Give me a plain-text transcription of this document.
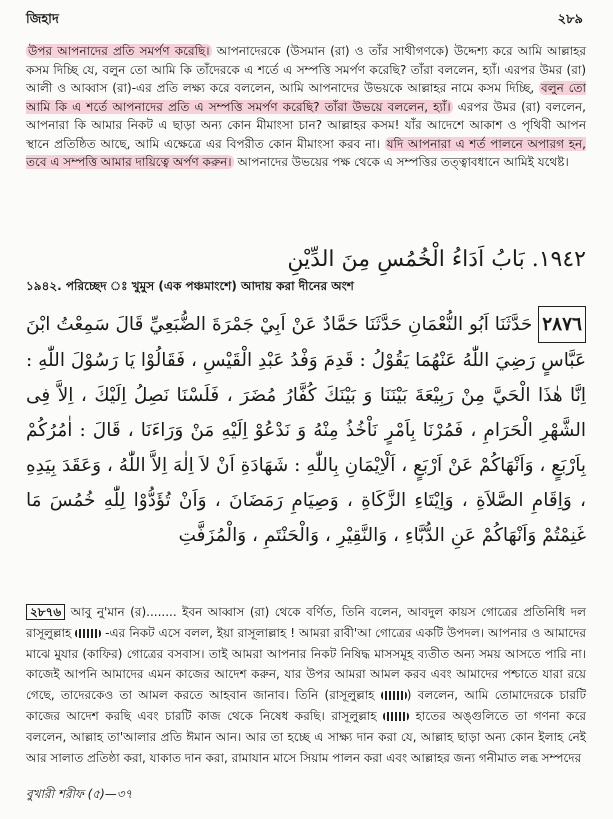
জিহাদ	২৮৯
উপর আপনাদের প্রতি সমর্পণ করেছি। আপনাদেরকে (উসমান (রা) ও তাঁর সাথীগণকে) উদ্দেশ্য করে আমি আল্লাহর কসম দিচ্ছি যে, বলুন তো আমি কি তাঁদেরকে এ শর্তে এ সম্পত্তি সমর্পণ করেছি? তাঁরা বললেন, হ্যাঁ। এরপর উমর (রা) আলী ও আব্বাস (রা)-এর প্রতি লক্ষ্য করে বললেন, আমি আপনাদের উভয়কে আল্লাহর নামে কসম দিচ্ছি, বলুন তো আমি কি এ শর্তে আপনাদের প্রতি এ সম্পত্তি সমর্পণ করেছি? তাঁরা উভয়ে বললেন, হ্যাঁ। এরপর উমর (রা) বললেন, আপনারা কি আমার নিকট এ ছাড়া অন্য কোন মীমাংসা চান? আল্লাহর কসম! যাঁর আদেশে আকাশ ও পৃথিবী আপন স্থানে প্রতিষ্ঠিত আছে, আমি এক্ষেত্রে এর বিপরীত কোন মীমাংসা করব না। যদি আপনারা এ শর্ত পালনে অপারগ হন, তবে এ সম্পত্তি আমার দায়িত্বে অর্পণ করুন। আপনাদের উভয়ের পক্ষ থেকে এ সম্পত্তির তত্ত্বাবধানে আমিই যথেষ্ট।
١٩٤٢. بَابُ اَدَاءُ الْخُمُسِ مِنَ الدِّيْنِ
১৯৪২. পরিচ্ছেদ ঃ খুমুস (এক পঞ্চমাংশে) আদায় করা দীনের অংশ
٢٨٧٦ حَدَّثَنَا اَبُو النُّعْمَانِ حَدَّثَنَا حَمَّادٌ عَنْ اَبِيْ جَمْرَةَ الضُّبَعِيِّ قَالَ سَمِعْتُ ابْنَ عَبَّاسٍ رَضِيَ اللّٰهُ عَنْهُمَا يَقُوْلُ : قَدِمَ وَفْدُ عَبْدِ الْقَيْسِ ، فَقَالُوْا يَا رَسُوْلَ اللّٰهِ : اِنَّا هٰذَا الْحَيَّ مِنْ رَبِيْعَةَ بَيْنَنَا وَ بَيْنَكَ كُفَّارُ مُضَرَ ، فَلَسْنَا نَصِلُ اِلَيْكَ ، اِلاَّ فِى الشَّهْرِ الْحَرَامِ ، فَمُرْنَا بِاَمْرٍ نَاْخُذُ مِنْهُ وَ نَدْعُوْ اِلَيْهِ مَنْ وَرَاءَنَا ، قَالَ : اٰمُرُكُمْ بِاَرْبَعٍ ، وَاَنْهَاكُمْ عَنْ اَرْبَعٍ ، اَلْاِيْمَانِ بِاللّٰهِ : شَهَادَةِ اَنْ لاَ اِلٰهَ اِلاَّ اللّٰهُ ، وَعَقَدَ بِيَدِهِ ، وَاِقَامِ الصَّلاَةِ ، وَاِيْتَاءِ الزَّكَاةِ ، وَصِيَامِ رَمَضَانَ ، وَاَنْ تُؤَدُّوْا لِلّٰهِ خُمُسَ مَا غَنِمْتُمْ وَاَنْهَاكُمْ عَنِ الدُّبَّاءِ ، وَالنَّقِيْرِ ، وَالْحَنْتَمِ ، وَالْمُزَفَّتِ
২৮৭৬ আবু নু'মান (র)........ ইবন আব্বাস (রা) থেকে বর্ণিত, তিনি বলেন, আবদুল কায়স গোত্রের প্রতিনিধি দল রাসূলুল্লাহ  -এর নিকট এসে বলল, ইয়া রাসূলাল্লাহ ! আমরা রাবী'আ গোত্রের একটি উপদল। আপনার ও আমাদের মাঝে মুযার (কাফির) গোত্রের বসবাস। তাই আমরা আপনার নিকট নিষিদ্ধ মাসসমূহ ব্যতীত অন্য সময় আসতে পারি না। কাজেই আপনি আমাদের এমন কাজের আদেশ করুন, যার উপর আমরা আমল করব এবং আমাদের পশ্চাতে যারা রয়ে গেছে, তাদেরকেও তা আমল করতে আহবান জানাব। তিনি (রাসূলুল্লাহ ) বললেন, আমি তোমাদেরকে চারটি কাজের আদেশ করছি এবং চারটি কাজ থেকে নিষেধ করছি। রাসূলুল্লাহ  হাতের অঙ্গুলিতে তা গণনা করে বললেন, আল্লাহ তা'আলার প্রতি ঈমান আন। আর তা হচ্ছে এ সাক্ষ্য দান করা যে, আল্লাহ ছাড়া অন্য কোন ইলাহ নেই আর সালাত প্রতিষ্ঠা করা, যাকাত দান করা, রামাযান মাসে সিয়াম পালন করা এবং আল্লাহর জন্য গনীমাত লব্ধ সম্পদের
বুখারী শরীফ (৫)—৩৭
